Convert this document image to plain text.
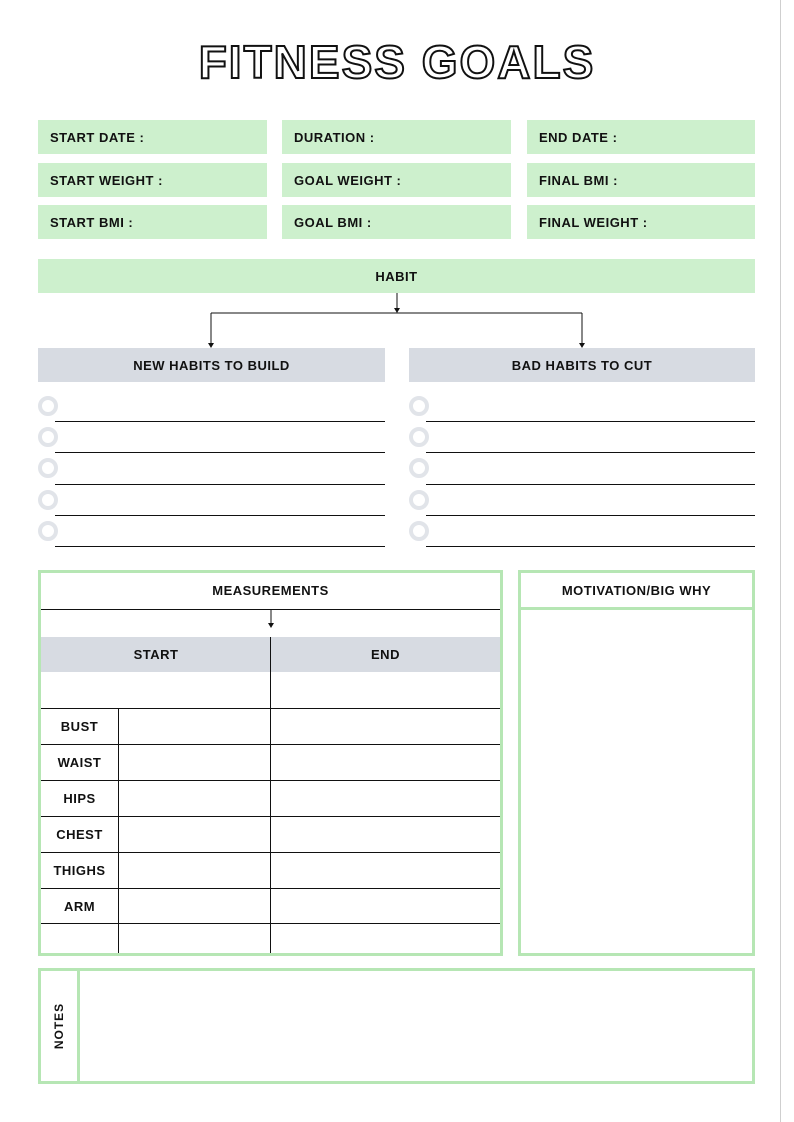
FITNESS GOALS
START DATE :	DURATION :	END DATE :
START WEIGHT :	GOAL WEIGHT :	FINAL BMI :
START BMI :	GOAL BMI :	FINAL WEIGHT :
HABIT
NEW HABITS TO BUILD	BAD HABITS TO CUT
MEASUREMENTS
START	END
BUST
WAIST
HIPS
CHEST
THIGHS
ARM
MOTIVATION/BIG WHY
NOTES
